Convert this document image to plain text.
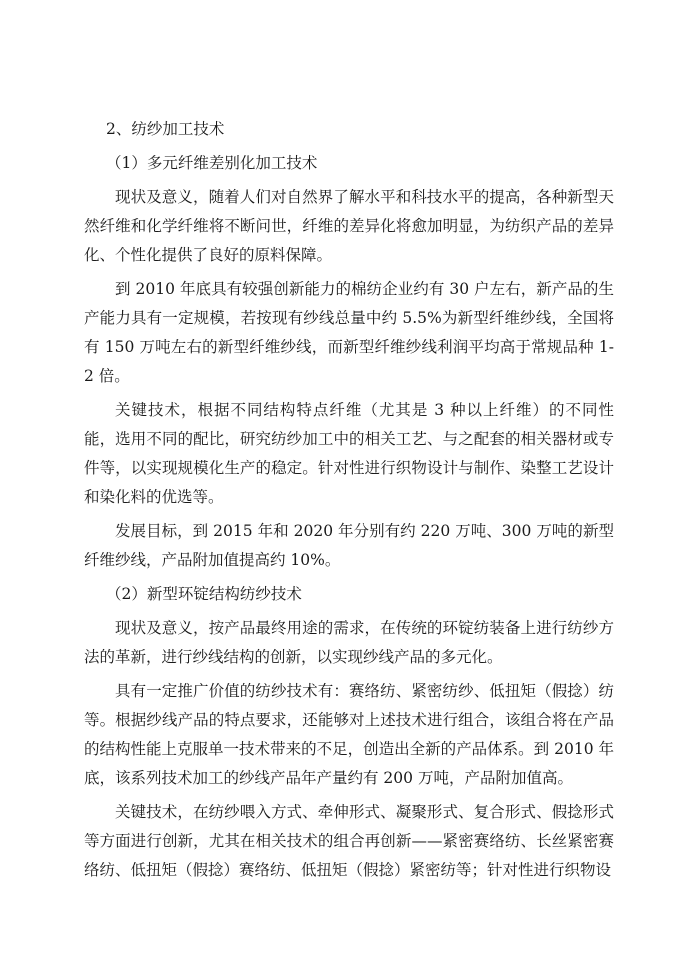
2、纺纱加工技术

（1）多元纤维差别化加工技术

现状及意义，随着人们对自然界了解水平和科技水平的提高，各种新型天然纤维和化学纤维将不断问世，纤维的差异化将愈加明显，为纺织产品的差异化、个性化提供了良好的原料保障。

到 2010 年底具有较强创新能力的棉纺企业约有 30 户左右，新产品的生产能力具有一定规模，若按现有纱线总量中约 5.5%为新型纤维纱线，全国将有 150 万吨左右的新型纤维纱线，而新型纤维纱线利润平均高于常规品种 1-2 倍。

关键技术，根据不同结构特点纤维（尤其是 3 种以上纤维）的不同性能，选用不同的配比，研究纺纱加工中的相关工艺、与之配套的相关器材或专件等，以实现规模化生产的稳定。针对性进行织物设计与制作、染整工艺设计和染化料的优选等。

发展目标，到 2015 年和 2020 年分别有约 220 万吨、300 万吨的新型纤维纱线，产品附加值提高约 10%。

（2）新型环锭结构纺纱技术

现状及意义，按产品最终用途的需求，在传统的环锭纺装备上进行纺纱方法的革新，进行纱线结构的创新，以实现纱线产品的多元化。

具有一定推广价值的纺纱技术有：赛络纺、紧密纺纱、低扭矩（假捻）纺等。根据纱线产品的特点要求，还能够对上述技术进行组合，该组合将在产品的结构性能上克服单一技术带来的不足，创造出全新的产品体系。到 2010 年底，该系列技术加工的纱线产品年产量约有 200 万吨，产品附加值高。

关键技术，在纺纱喂入方式、牵伸形式、凝聚形式、复合形式、假捻形式等方面进行创新，尤其在相关技术的组合再创新——紧密赛络纺、长丝紧密赛络纺、低扭矩（假捻）赛络纺、低扭矩（假捻）紧密纺等；针对性进行织物设
